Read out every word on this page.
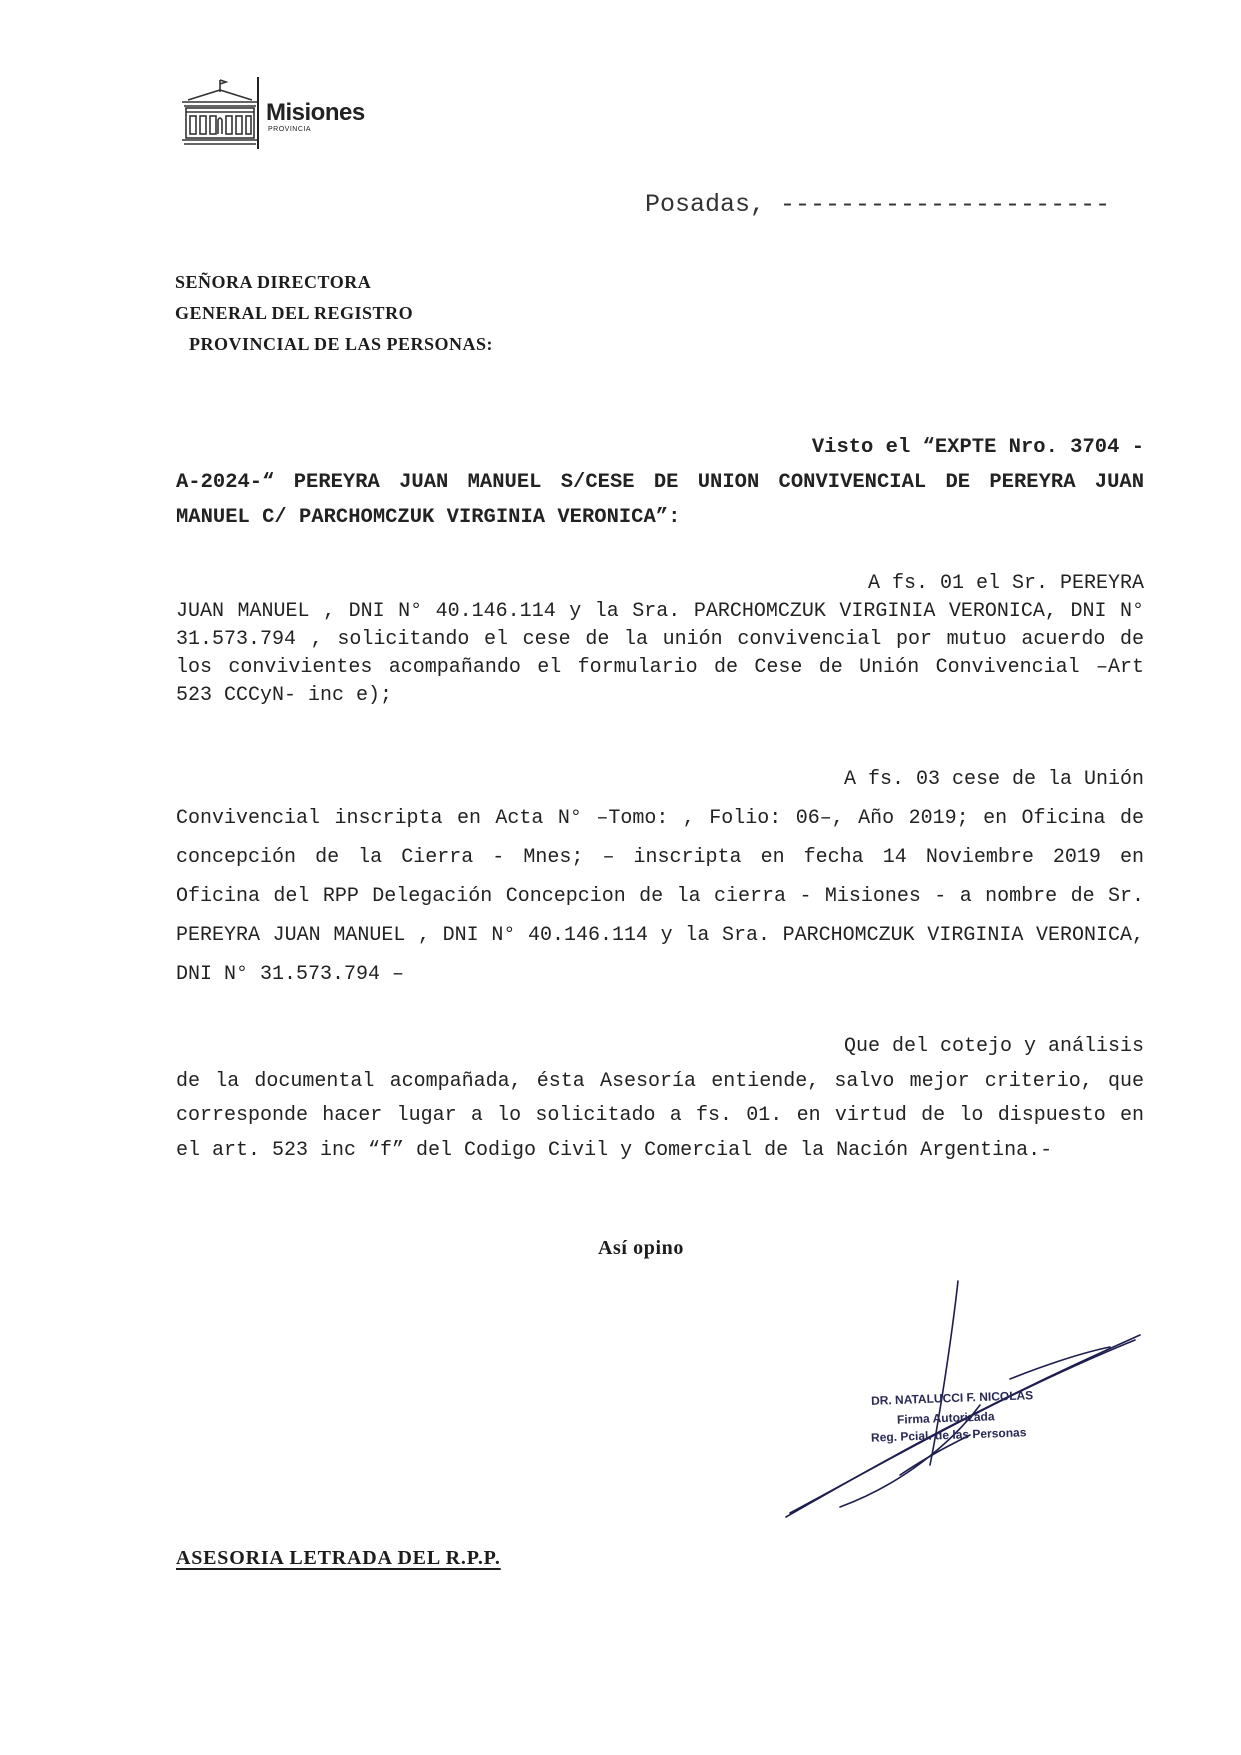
Misiones
PROVINCIA
Posadas, ----------------------
SEÑORA DIRECTORA
GENERAL DEL REGISTRO
PROVINCIAL DE LAS PERSONAS:
Visto el “EXPTE Nro. 3704 -
A-2024-“ PEREYRA JUAN MANUEL S/CESE DE UNION CONVIVENCIAL DE PEREYRA JUAN MANUEL C/ PARCHOMCZUK VIRGINIA VERONICA”:
A fs. 01 el Sr. PEREYRA
JUAN MANUEL , DNI N° 40.146.114 y la Sra. PARCHOMCZUK VIRGINIA VERONICA, DNI N° 31.573.794 , solicitando el cese de la unión convivencial por mutuo acuerdo de los convivientes acompañando el formulario de Cese de Unión Convivencial –Art 523 CCCyN- inc e);
A fs. 03 cese de la Unión
Convivencial inscripta en Acta N° –Tomo: , Folio: 06–, Año 2019; en Oficina de concepción de la Cierra - Mnes; – inscripta en fecha 14 Noviembre 2019 en Oficina del RPP Delegación Concepcion de la cierra - Misiones - a nombre de Sr. PEREYRA JUAN MANUEL , DNI N° 40.146.114 y la Sra. PARCHOMCZUK VIRGINIA VERONICA, DNI N° 31.573.794 –
Que del cotejo y análisis
de la documental acompañada, ésta Asesoría entiende, salvo mejor criterio, que corresponde hacer lugar a lo solicitado a fs. 01. en virtud de lo dispuesto en el art. 523 inc “f” del Codigo Civil y Comercial de la Nación Argentina.-
Así opino
DR. NATALUCCI F. NICOLAS
Firma Autorizada
Reg. Pcial. de las Personas
ASESORIA LETRADA DEL R.P.P.
